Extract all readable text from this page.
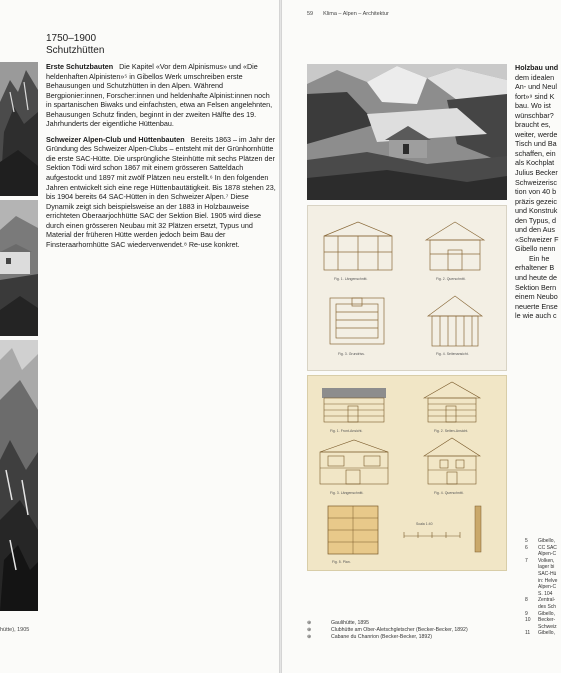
1750–1900
Schutzhütten

Erste Schutzbauten Die Kapitel «Vor dem Alpinismus» und «Die heldenhaften Alpinisten»⁵ in Gibellos Werk umschreiben erste Behausungen und Schutzhütten in den Alpen. Während Bergpionier:innen, Forscher:innen und heldenhafte Alpinist:innen noch in spartanischen Biwaks und einfachsten, etwa an Felsen angelehnten, Behausungen Schutz finden, beginnt in der zweiten Hälfte des 19. Jahrhunderts der eigentliche Hüttenbau.

Schweizer Alpen-Club und Hüttenbauten Bereits 1863 – im Jahr der Gründung des Schweizer Alpen-Clubs – entsteht mit der Grünhornhütte die erste SAC-Hütte. Die ursprüngliche Steinhütte mit sechs Plätzen der Sektion Tödi wird schon 1867 mit einem grösseren Satteldach aufgestockt und 1897 mit zwölf Plätzen neu erstellt.⁶ In den folgenden Jahren entwickelt sich eine rege Hüttenbautätigkeit. Bis 1878 stehen 23, bis 1904 bereits 64 SAC-Hütten in den Schweizer Alpen.⁷ Diese Dynamik zeigt sich beispielsweise an der 1883 in Holzbauweise errichteten Oberaarjochhütte SAC der Sektion Biel. 1905 wird diese durch einen grösseren Neubau mit 32 Plätzen ersetzt, Typus und Material der früheren Hütte werden jedoch beim Bau der Finsteraarhornhütte SAC wiederverwendet.⁸ Re-use konkret.

hütte), 1905
59 Klima – Alpen – Architektur
Fig. 1. Längenschnitt.	Fig. 2. Querschnitt.
Fig. 3. Grundriss.	Fig. 4. Seitenansicht.
Fig. 1. Front-Ansicht.	Fig. 2. Seiten-Ansicht.
Fig. 3. Längenschnitt.	Fig. 4. Querschnitt.
Fig. 5. Plan.
Scala 1:40
Holzbau und
dem idealen
An- und Neul
fort»⁹ sind K
bau. Wo ist
wünschbar?
braucht es,
weiter, werde
Tisch und Ba
schaffen, ein
als Kochplat
Julius Becker
Schweizerisc
tion von 40 b
präzis gezeic
und Konstruk
den Typus, d
und den Aus
«Schweizer F
Gibello nenn
Ein he
erhaltener B
und heute de
Sektion Bern
einem Neubo
neuerte Ense
le wie auch c
5	Gibello,
6	CC SAC
Alpen-C
7	Volken,
lager bi
SAC-Hü
in: Helve
Alpen-C
S. 104
8	Zentral-
des Sch
9	Gibello,
10	Becker-
Schweiz
11	Gibello,
⊕	Gaulihütte, 1895
⊕	Clubhütte am Ober-Aletschgletscher (Becker-Becker, 1892)
⊕	Cabane du Chanrion (Becker-Becker, 1892)
